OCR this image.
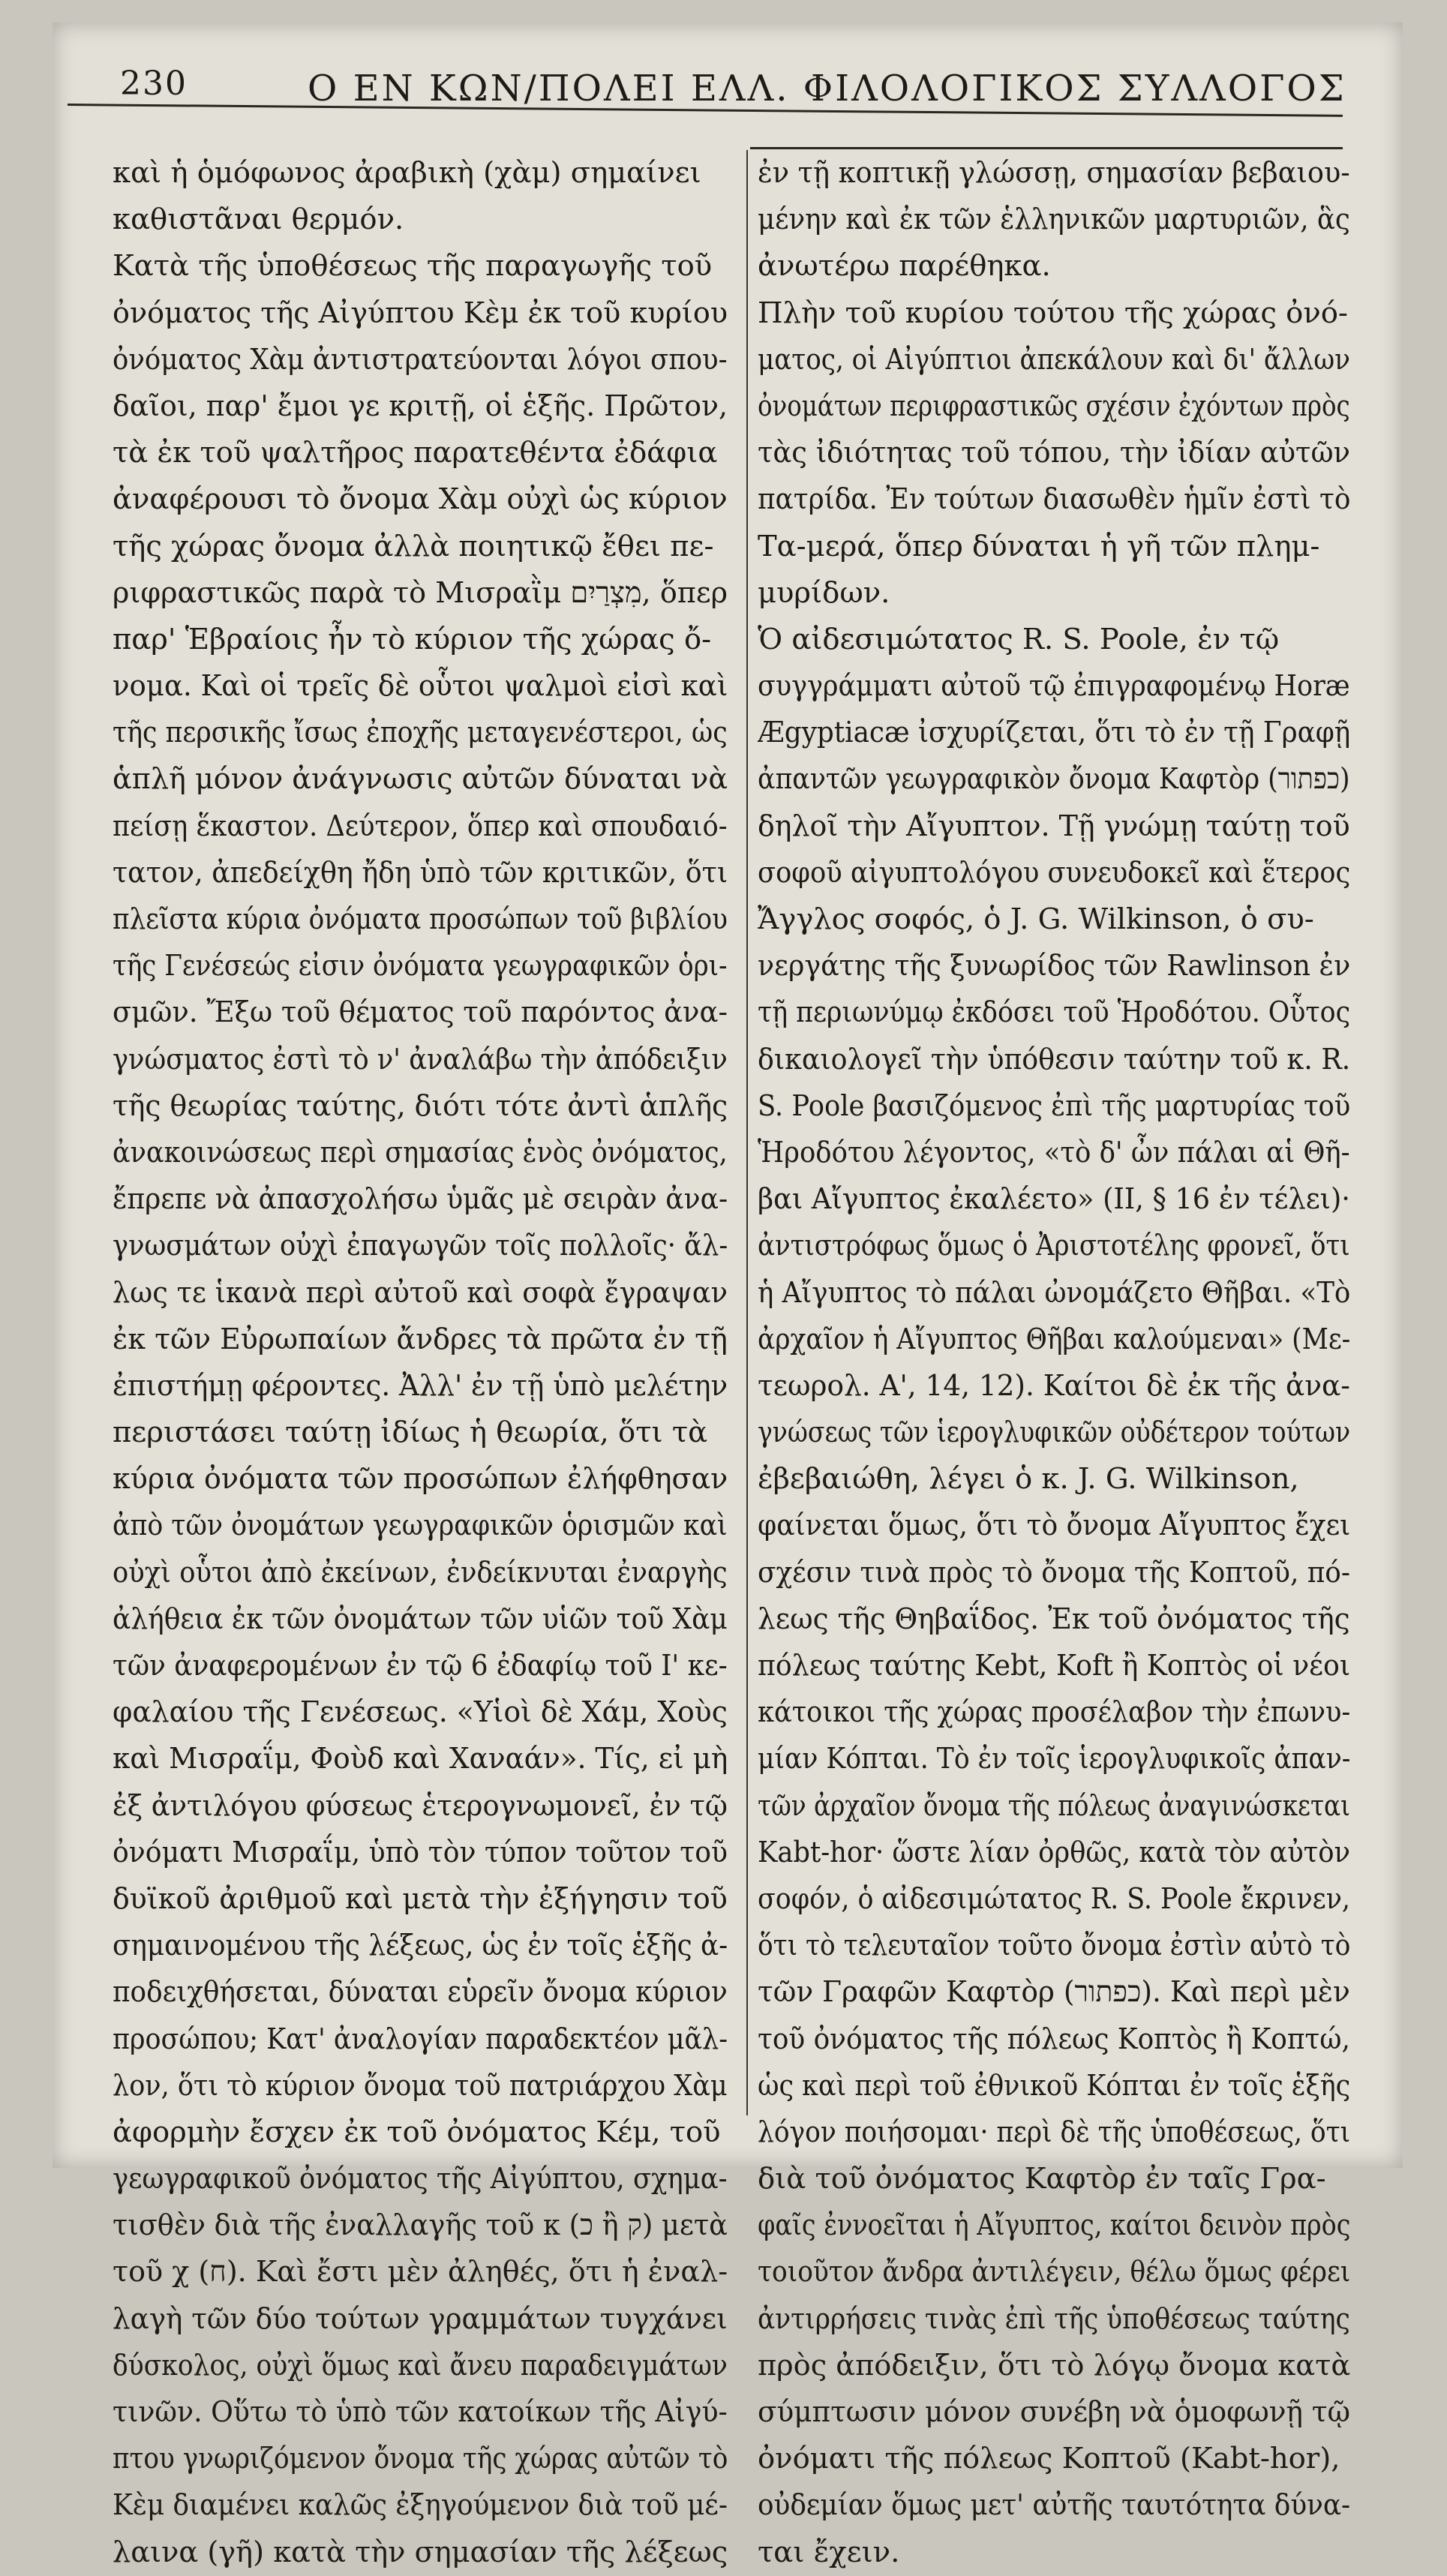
230	Ο ΕΝ ΚΩΝ/ΠΟΛΕΙ ΕΛΛ. ΦΙΛΟΛΟΓΙΚΟΣ ΣΥΛΛΟΓΟΣ
καὶ ἡ ὁμόφωνος ἀραβικὴ (χὰμ) σημαίνει
καθιστᾶναι θερμόν.
Κατὰ τῆς ὑποθέσεως τῆς παραγωγῆς τοῦ
ὀνόματος τῆς Αἰγύπτου Κὲμ ἐκ τοῦ κυρίου
ὀνόματος Χὰμ ἀντιστρατεύονται λόγοι σπου-
δαῖοι, παρ' ἔμοι γε κριτῇ, οἱ ἑξῆς. Πρῶτον,
τὰ ἐκ τοῦ ψαλτῆρος παρατεθέντα ἐδάφια
ἀναφέρουσι τὸ ὄνομα Χὰμ οὐχὶ ὡς κύριον
τῆς χώρας ὄνομα ἀλλὰ ποιητικῷ ἔθει πε-
ριφραστικῶς παρὰ τὸ Μισραῒμ מִצְרַיִם, ὅπερ
παρ' Ἑβραίοις ἦν τὸ κύριον τῆς χώρας ὄ-
νομα. Καὶ οἱ τρεῖς δὲ οὗτοι ψαλμοὶ εἰσὶ καὶ
τῆς περσικῆς ἴσως ἐποχῆς μεταγενέστεροι, ὡς
ἁπλῆ μόνον ἀνάγνωσις αὐτῶν δύναται νὰ
πείσῃ ἕκαστον. Δεύτερον, ὅπερ καὶ σπουδαιό-
τατον, ἀπεδείχθη ἤδη ὑπὸ τῶν κριτικῶν, ὅτι
πλεῖστα κύρια ὀνόματα προσώπων τοῦ βιβλίου
τῆς Γενέσεώς εἰσιν ὀνόματα γεωγραφικῶν ὁρι-
σμῶν. Ἔξω τοῦ θέματος τοῦ παρόντος ἀνα-
γνώσματος ἐστὶ τὸ ν' ἀναλάβω τὴν ἀπόδειξιν
τῆς θεωρίας ταύτης, διότι τότε ἀντὶ ἁπλῆς
ἀνακοινώσεως περὶ σημασίας ἑνὸς ὀνόματος,
ἔπρεπε νὰ ἀπασχολήσω ὑμᾶς μὲ σειρὰν ἀνα-
γνωσμάτων οὐχὶ ἐπαγωγῶν τοῖς πολλοῖς· ἄλ-
λως τε ἱκανὰ περὶ αὐτοῦ καὶ σοφὰ ἔγραψαν
ἐκ τῶν Εὐρωπαίων ἄνδρες τὰ πρῶτα ἐν τῇ
ἐπιστήμῃ φέροντες. Ἀλλ' ἐν τῇ ὑπὸ μελέτην
περιστάσει ταύτῃ ἰδίως ἡ θεωρία, ὅτι τὰ
κύρια ὀνόματα τῶν προσώπων ἐλήφθησαν
ἀπὸ τῶν ὀνομάτων γεωγραφικῶν ὁρισμῶν καὶ
οὐχὶ οὗτοι ἀπὸ ἐκείνων, ἐνδείκνυται ἐναργὴς
ἀλήθεια ἐκ τῶν ὀνομάτων τῶν υἱῶν τοῦ Χὰμ
τῶν ἀναφερομένων ἐν τῷ 6 ἐδαφίῳ τοῦ Ι' κε-
φαλαίου τῆς Γενέσεως. «Υἱοὶ δὲ Χάμ, Χοὺς
καὶ Μισραΐμ, Φοὺδ καὶ Χαναάν». Τίς, εἰ μὴ
ἐξ ἀντιλόγου φύσεως ἑτερογνωμονεῖ, ἐν τῷ
ὀνόματι Μισραΐμ, ὑπὸ τὸν τύπον τοῦτον τοῦ
δυϊκοῦ ἀριθμοῦ καὶ μετὰ τὴν ἐξήγησιν τοῦ
σημαινομένου τῆς λέξεως, ὡς ἐν τοῖς ἑξῆς ἀ-
ποδειχθήσεται, δύναται εὑρεῖν ὄνομα κύριον
προσώπου; Κατ' ἀναλογίαν παραδεκτέον μᾶλ-
λον, ὅτι τὸ κύριον ὄνομα τοῦ πατριάρχου Χὰμ
ἀφορμὴν ἔσχεν ἐκ τοῦ ὀνόματος Κέμ, τοῦ
γεωγραφικοῦ ὀνόματος τῆς Αἰγύπτου, σχημα-
τισθὲν διὰ τῆς ἐναλλαγῆς τοῦ κ (כ ἢ ק) μετὰ
τοῦ χ (ח). Καὶ ἔστι μὲν ἀληθές, ὅτι ἡ ἐναλ-
λαγὴ τῶν δύο τούτων γραμμάτων τυγχάνει
δύσκολος, οὐχὶ ὅμως καὶ ἄνευ παραδειγμάτων
τινῶν. Οὕτω τὸ ὑπὸ τῶν κατοίκων τῆς Αἰγύ-
πτου γνωριζόμενον ὄνομα τῆς χώρας αὐτῶν τὸ
Κὲμ διαμένει καλῶς ἐξηγούμενον διὰ τοῦ μέ-
λαινα (γῆ) κατὰ τὴν σημασίαν τῆς λέξεως
ἐν τῇ κοπτικῇ γλώσσῃ, σημασίαν βεβαιου-
μένην καὶ ἐκ τῶν ἑλληνικῶν μαρτυριῶν, ἃς
ἀνωτέρω παρέθηκα.
Πλὴν τοῦ κυρίου τούτου τῆς χώρας ὀνό-
ματος, οἱ Αἰγύπτιοι ἀπεκάλουν καὶ δι' ἄλλων
ὀνομάτων περιφραστικῶς σχέσιν ἐχόντων πρὸς
τὰς ἰδιότητας τοῦ τόπου, τὴν ἰδίαν αὐτῶν
πατρίδα. Ἐν τούτων διασωθὲν ἡμῖν ἐστὶ τὸ
Τα-μερά, ὅπερ δύναται ἡ γῆ τῶν πλημ-
μυρίδων.
Ὁ αἰδεσιμώτατος R. S. Poole, ἐν τῷ
συγγράμματι αὐτοῦ τῷ ἐπιγραφομένῳ Horæ
Ægyptiacæ ἰσχυρίζεται, ὅτι τὸ ἐν τῇ Γραφῇ
ἀπαντῶν γεωγραφικὸν ὄνομα Καφτὸρ (כפתור)
δηλοῖ τὴν Αἴγυπτον. Τῇ γνώμῃ ταύτῃ τοῦ
σοφοῦ αἰγυπτολόγου συνευδοκεῖ καὶ ἕτερος
Ἄγγλος σοφός, ὁ J. G. Wilkinson, ὁ συ-
νεργάτης τῆς ξυνωρίδος τῶν Rawlinson ἐν
τῇ περιωνύμῳ ἐκδόσει τοῦ Ἡροδότου. Οὗτος
δικαιολογεῖ τὴν ὑπόθεσιν ταύτην τοῦ κ. R.
S. Poole βασιζόμενος ἐπὶ τῆς μαρτυρίας τοῦ
Ἡροδότου λέγοντος, «τὸ δ' ὦν πάλαι αἱ Θῆ-
βαι Αἴγυπτος ἐκαλέετο» (II, § 16 ἐν τέλει)·
ἀντιστρόφως ὅμως ὁ Ἀριστοτέλης φρονεῖ, ὅτι
ἡ Αἴγυπτος τὸ πάλαι ὠνομάζετο Θῆβαι. «Τὸ
ἀρχαῖον ἡ Αἴγυπτος Θῆβαι καλούμεναι» (Με-
τεωρολ. Α', 14, 12). Καίτοι δὲ ἐκ τῆς ἀνα-
γνώσεως τῶν ἱερογλυφικῶν οὐδέτερον τούτων
ἐβεβαιώθη, λέγει ὁ κ. J. G. Wilkinson,
φαίνεται ὅμως, ὅτι τὸ ὄνομα Αἴγυπτος ἔχει
σχέσιν τινὰ πρὸς τὸ ὄνομα τῆς Κοπτοῦ, πό-
λεως τῆς Θηβαΐδος. Ἐκ τοῦ ὀνόματος τῆς
πόλεως ταύτης Kebt, Koft ἢ Κοπτὸς οἱ νέοι
κάτοικοι τῆς χώρας προσέλαβον τὴν ἐπωνυ-
μίαν Κόπται. Τὸ ἐν τοῖς ἱερογλυφικοῖς ἀπαν-
τῶν ἀρχαῖον ὄνομα τῆς πόλεως ἀναγινώσκεται
Kabt-hor· ὥστε λίαν ὀρθῶς, κατὰ τὸν αὐτὸν
σοφόν, ὁ αἰδεσιμώτατος R. S. Poole ἔκρινεν,
ὅτι τὸ τελευταῖον τοῦτο ὄνομα ἐστὶν αὐτὸ τὸ
τῶν Γραφῶν Καφτὸρ (כפתור). Καὶ περὶ μὲν
τοῦ ὀνόματος τῆς πόλεως Κοπτὸς ἢ Κοπτώ,
ὡς καὶ περὶ τοῦ ἐθνικοῦ Κόπται ἐν τοῖς ἑξῆς
λόγον ποιήσομαι· περὶ δὲ τῆς ὑποθέσεως, ὅτι
διὰ τοῦ ὀνόματος Καφτὸρ ἐν ταῖς Γρα-
φαῖς ἐννοεῖται ἡ Αἴγυπτος, καίτοι δεινὸν πρὸς
τοιοῦτον ἄνδρα ἀντιλέγειν, θέλω ὅμως φέρει
ἀντιρρήσεις τινὰς ἐπὶ τῆς ὑποθέσεως ταύτης
πρὸς ἀπόδειξιν, ὅτι τὸ λόγῳ ὄνομα κατὰ
σύμπτωσιν μόνον συνέβη νὰ ὁμοφωνῇ τῷ
ὀνόματι τῆς πόλεως Κοπτοῦ (Kabt-hor),
οὐδεμίαν ὅμως μετ' αὐτῆς ταυτότητα δύνα-
ται ἔχειν.
